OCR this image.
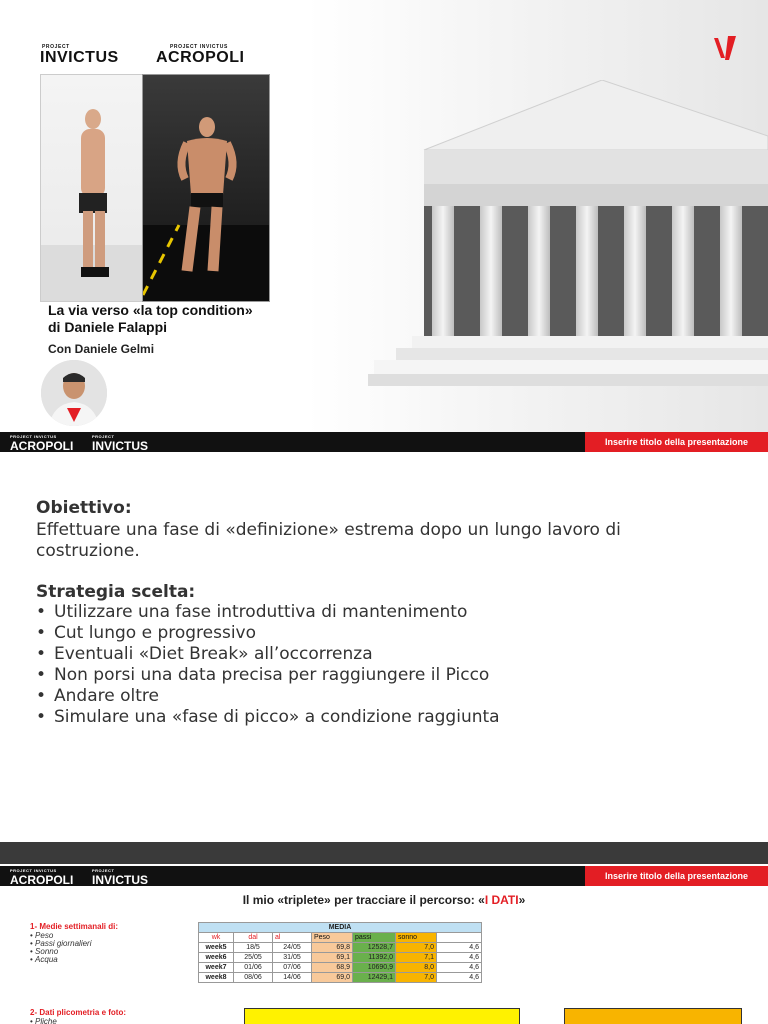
PROJECT
INVICTUS
PROJECT INVICTUS
ACROPOLI
La via verso «la top condition»
di Daniele Falappi
Con Daniele Gelmi
PROJECT INVICTUS
ACROPOLI
PROJECT
INVICTUS	Inserire titolo della presentazione
Obiettivo:
Effettuare una fase di «definizione» estrema dopo un lungo lavoro di
costruzione.
Strategia scelta:
• Utilizzare una fase introduttiva di mantenimento
• Cut lungo e progressivo
• Eventuali «Diet Break» all’occorrenza
• Non porsi una data precisa per raggiungere il Picco
• Andare oltre
• Simulare una «fase di picco» a condizione raggiunta
PROJECT INVICTUS
ACROPOLI
PROJECT
INVICTUS	Inserire titolo della presentazione
Il mio «triplete» per tracciare il percorso: «I DATI»
1- Medie settimanali di:
• Peso
• Passi giornalieri
• Sonno
• Acqua
MEDIA						
wk	dal	al	Peso	passi	sonno	
week5	18/5	24/05	69,8	12528,7	7,0	4,6
week6	25/05	31/05	69,1	11392,0	7,1	4,6
week7	01/06	07/06	68,9	10690,9	8,0	4,6
week8	08/06	14/06	69,0	12429,1	7,0	4,6
2- Dati plicometria e foto:
• Pliche
